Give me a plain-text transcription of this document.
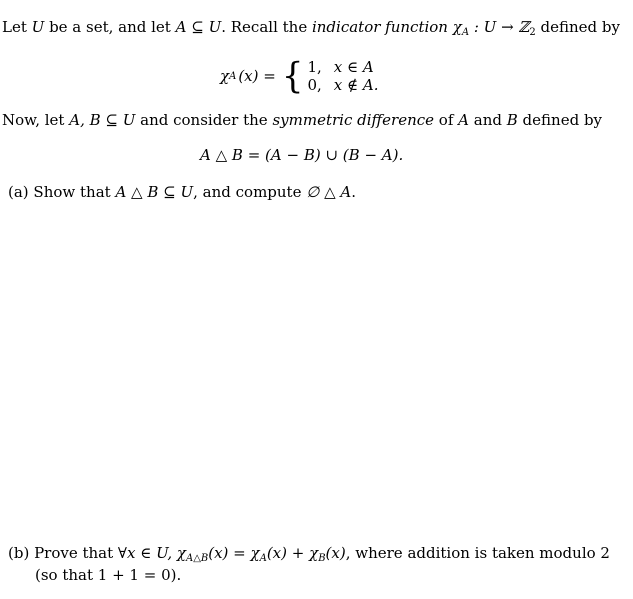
Let U be a set, and let A ⊆ U. Recall the indicator function $\chi_A$ : U → ℤ$_2$ defined by
χ A (x) = { 1, x ∈ A
0, x ∉ A.
Now, let A, B ⊆ U and consider the symmetric difference of A and B defined by
A △ B = (A − B) ∪ (B − A).
(a) Show that A △ B ⊆ U, and compute ∅ △ A.
(b) Prove that ∀x ∈ U, $\chi_{A\triangle B}(x) = \chi_A(x) + \chi_B(x)$, where addition is taken modulo 2
(so that 1 + 1 = 0).
